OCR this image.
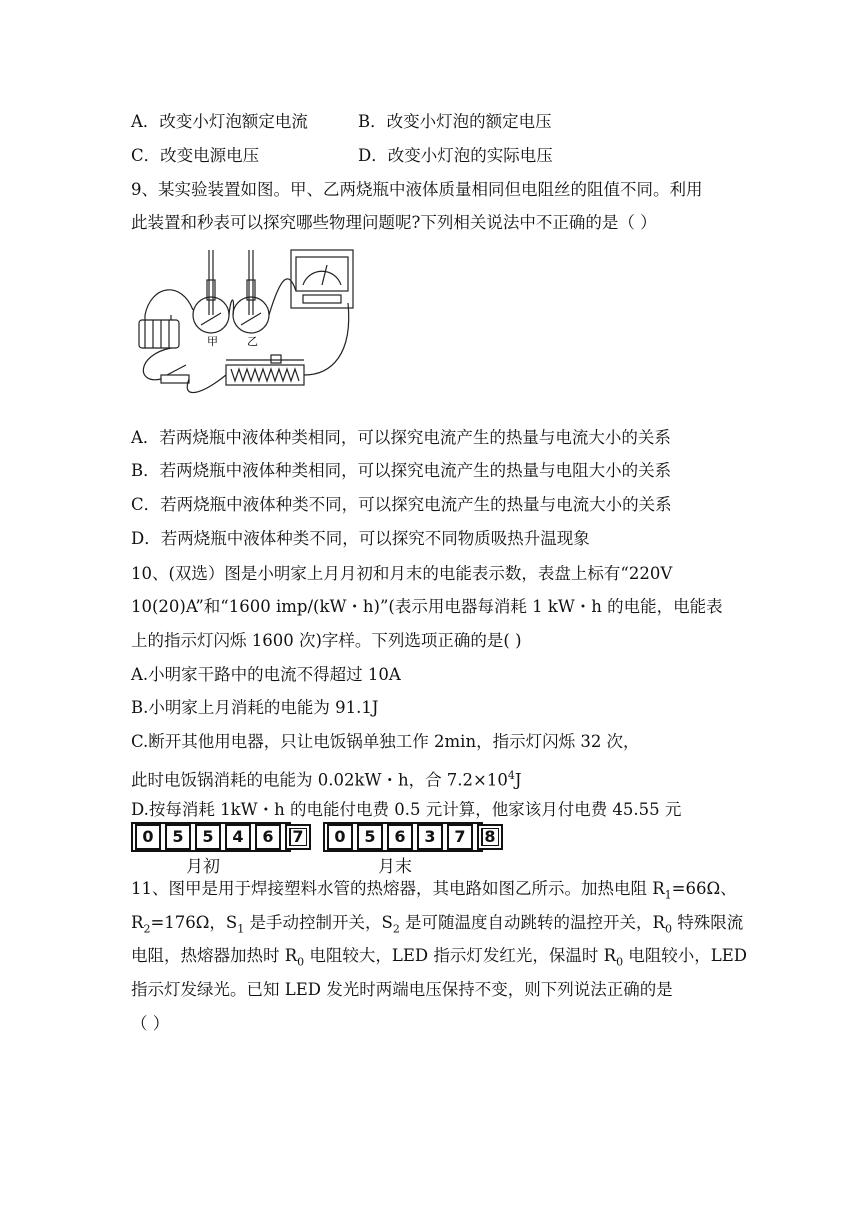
A．改变小灯泡额定电流	B．改变小灯泡的额定电压
C．改变电源电压	D．改变小灯泡的实际电压
9、某实验装置如图。甲、乙两烧瓶中液体质量相同但电阻丝的阻值不同。利用
此装置和秒表可以探究哪些物理问题呢?下列相关说法中不正确的是（ ）
甲	乙
A．若两烧瓶中液体种类相同，可以探究电流产生的热量与电流大小的关系
B．若两烧瓶中液体种类相同，可以探究电流产生的热量与电阻大小的关系
C．若两烧瓶中液体种类不同，可以探究电流产生的热量与电流大小的关系
D．若两烧瓶中液体种类不同，可以探究不同物质吸热升温现象
10、(双选）图是小明家上月月初和月末的电能表示数，表盘上标有“220V
10(20)A”和“1600 imp/(kW・h)”(表示用电器每消耗 1 kW・h 的电能，电能表
上的指示灯闪烁 1600 次)字样。下列选项正确的是( )
A.小明家干路中的电流不得超过 10A
B.小明家上月消耗的电能为 91.1J
C.断开其他用电器，只让电饭锅单独工作 2min，指示灯闪烁 32 次，
此时电饭锅消耗的电能为 0.02kW・h，合 $7.2\times 10^4J$
D.按每消耗 1kW・h 的电能付电费 0.5 元计算，他家该月付电费 45.55 元
0	5	5	4	6	7
月初
0	5	6	3	7	8
月末
11、图甲是用于焊接塑料水管的热熔器，其电路如图乙所示。加热电阻 $R_1=66\Omega$、
$R_2=176\Omega$，$S_1$ 是手动控制开关，$S_2$ 是可随温度自动跳转的温控开关，$R_0$ 特殊限流
电阻，热熔器加热时 $R_0$ 电阻较大，LED 指示灯发红光，保温时 $R_0$ 电阻较小，LED
指示灯发绿光。已知 LED 发光时两端电压保持不变，则下列说法正确的是
（ ）
